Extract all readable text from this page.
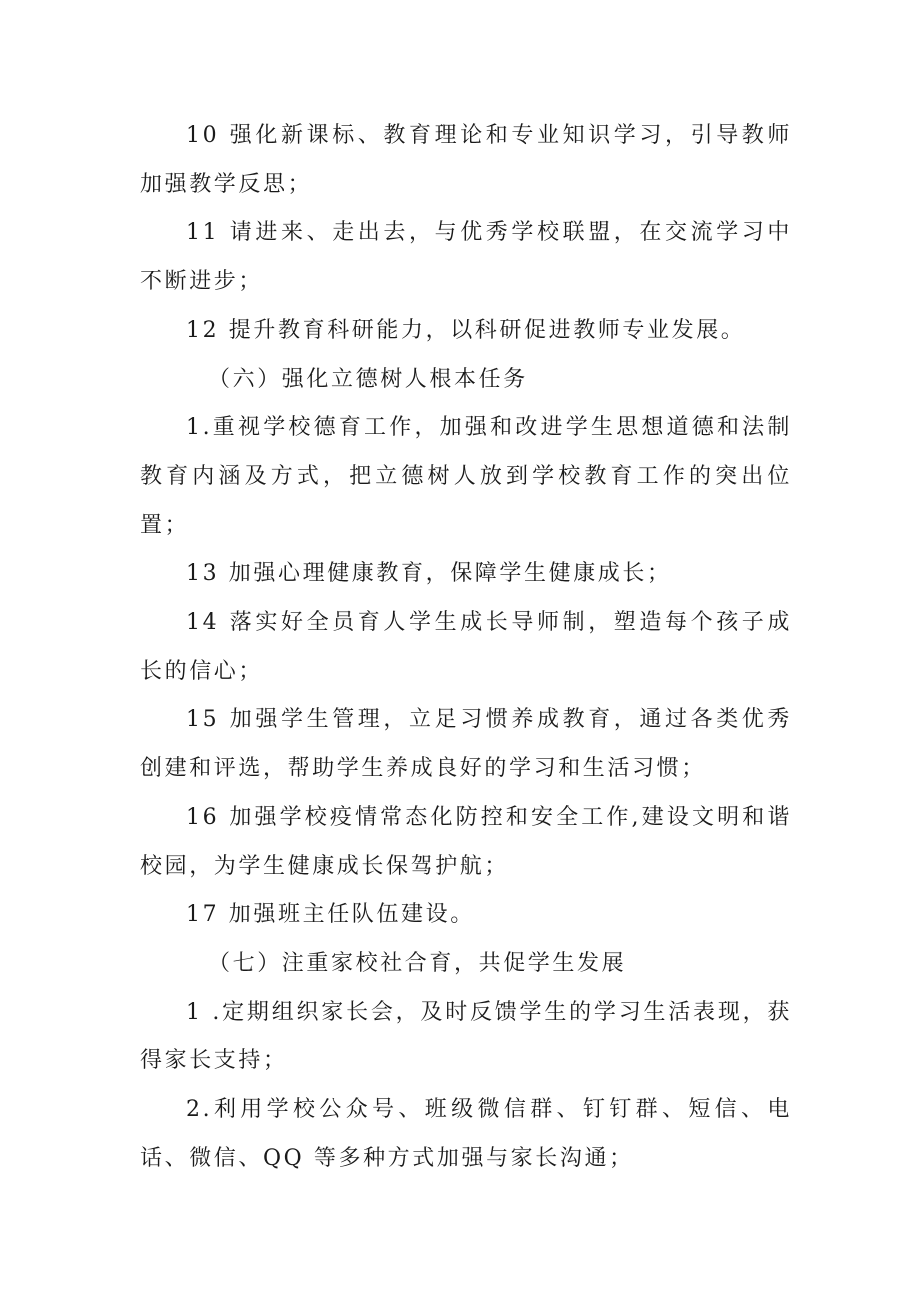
10 强化新课标、教育理论和专业知识学习，引导教师加强教学反思；

11 请进来、走出去，与优秀学校联盟，在交流学习中不断进步；

12 提升教育科研能力，以科研促进教师专业发展。

（六）强化立德树人根本任务

1.重视学校德育工作，加强和改进学生思想道德和法制教育内涵及方式，把立德树人放到学校教育工作的突出位置；

13 加强心理健康教育，保障学生健康成长；

14 落实好全员育人学生成长导师制，塑造每个孩子成长的信心；

15 加强学生管理，立足习惯养成教育，通过各类优秀创建和评选，帮助学生养成良好的学习和生活习惯；

16 加强学校疫情常态化防控和安全工作,建设文明和谐校园，为学生健康成长保驾护航；

17 加强班主任队伍建设。

（七）注重家校社合育，共促学生发展

1 .定期组织家长会，及时反馈学生的学习生活表现，获得家长支持；

2.利用学校公众号、班级微信群、钉钉群、短信、电话、微信、QQ 等多种方式加强与家长沟通；
